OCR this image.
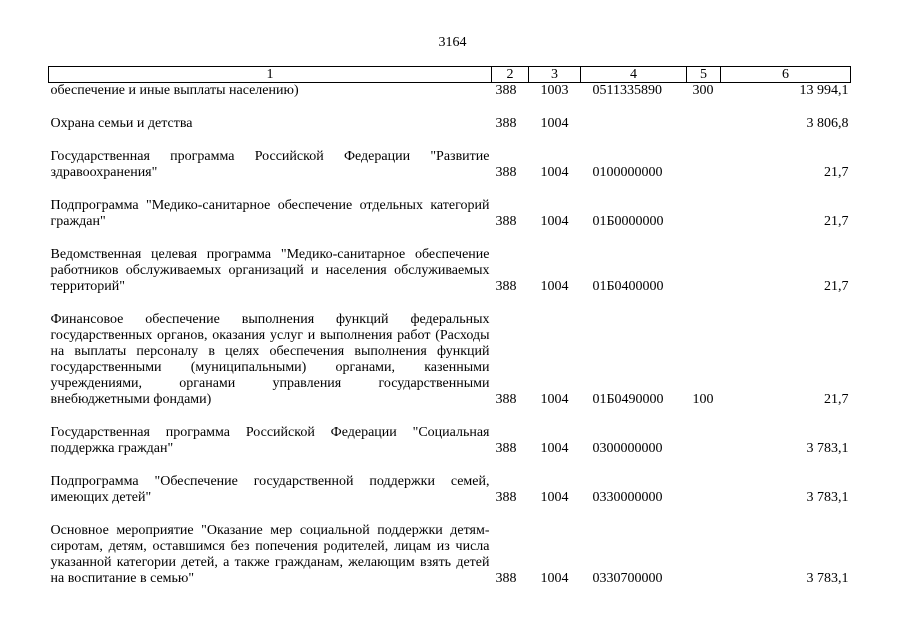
3164
1	2	3	4	5	6
обеспечение и иные выплаты населению)	388	1003	0511335890	300	13 994,1
Охрана семьи и детства	388	1004			3 806,8
Государственная программа Российской Федерации "Развитие здравоохранения"	388	1004	0100000000		21,7
Подпрограмма "Медико-санитарное обеспечение отдельных категорий граждан"	388	1004	01Б0000000		21,7
Ведомственная целевая программа "Медико-санитарное обеспечение работников обслуживаемых организаций и населения обслуживаемых территорий"	388	1004	01Б0400000		21,7
Финансовое обеспечение выполнения функций федеральных государственных органов, оказания услуг и выполнения работ (Расходы на выплаты персоналу в целях обеспечения выполнения функций государственными (муниципальными) органами, казенными учреждениями, органами управления государственными внебюджетными фондами)	388	1004	01Б0490000	100	21,7
Государственная программа Российской Федерации "Социальная поддержка граждан"	388	1004	0300000000		3 783,1
Подпрограмма "Обеспечение государственной поддержки семей, имеющих детей"	388	1004	0330000000		3 783,1
Основное мероприятие "Оказание мер социальной поддержки детям-сиротам, детям, оставшимся без попечения родителей, лицам из числа указанной категории детей, а также гражданам, желающим взять детей на воспитание в семью"	388	1004	0330700000		3 783,1
